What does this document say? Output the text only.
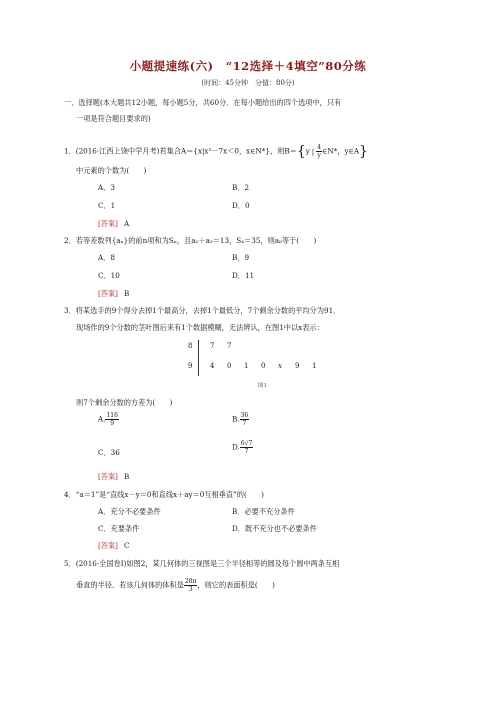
小题提速练(六)　“12选择＋4填空”80分练
(时间：45分钟　分值：80分)
一、选择题(本大题共12小题，每小题5分，共60分．在每小题给出的四个选项中，只有
一项是符合题目要求的)
1．(2016·江西上饶中学月考)若集合A＝{x|x²－7x＜0，x∈N*}，则B＝{y | $\frac{4}{y}$ ∈N*，y∈A}
中元素的个数为(　　)
A．3	B．2
C．1	D．0
[答案] A
2．若等差数列{aₙ}的前n项和为Sₙ，且a₂＋a₃＝13，S₄＝35，则a₈等于(　　)
A．8	B．9
C．10	D．11
[答案] B
3．将某选手的9个得分去掉1个最高分，去掉1个最低分，7个剩余分数的平均分为91．
现场作的9个分数的茎叶图后来有1个数据模糊，无法辨认，在图1中以x表示：
8	7 7
9	4 0 1 0 x 9 1
图1
则7个剩余分数的方差为(　　)
A. $\frac{116}{9}$	B. $\frac{36}{7}$
C．36
D. $\frac{6√7}{7}$
[答案] B
4．“a＝1”是“直线x－y＝0和直线x＋ay＝0互相垂直”的(　　)
A．充分不必要条件	B．必要不充分条件
C．充要条件	D．既不充分也不必要条件
[答案] C
5．(2016·全国卷Ⅰ)如图2，某几何体的三视图是三个半径相等的圆及每个圆中两条互相
垂直的半径．若该几何体的体积是 $\frac{28\pi}{3}$ ，则它的表面积是(　　)
